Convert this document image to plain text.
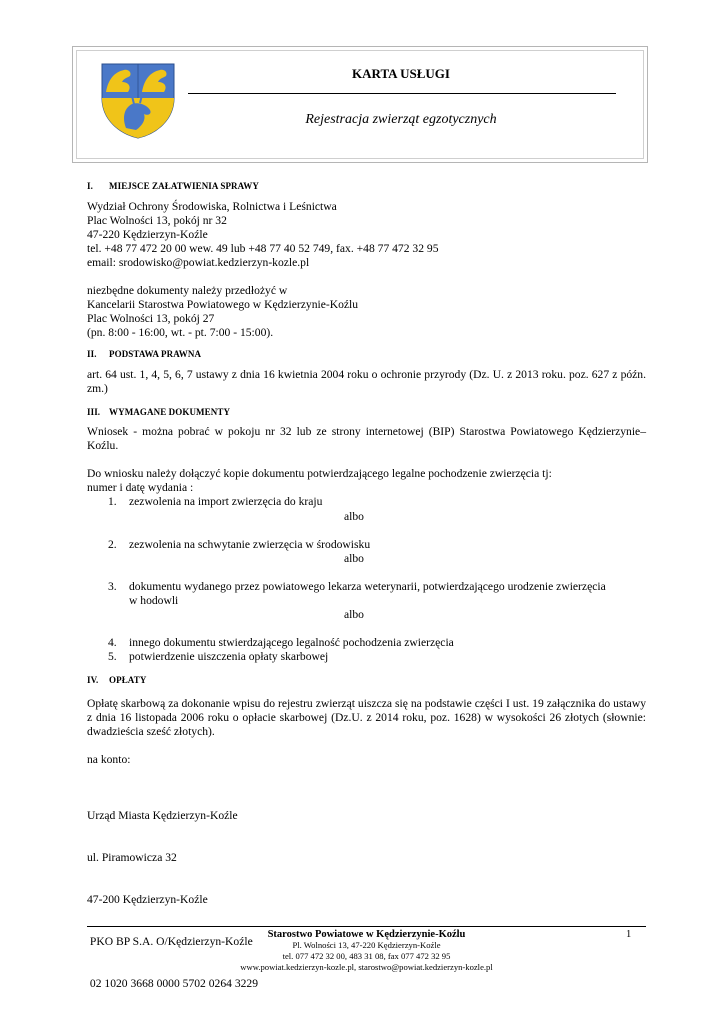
KARTA USŁUGI
Rejestracja zwierząt egzotycznych
I. MIEJSCE ZAŁATWIENIA SPRAWY
Wydział Ochrony Środowiska, Rolnictwa i Leśnictwa
Plac Wolności 13, pokój nr 32
47-220 Kędzierzyn-Koźle
tel. +48 77 472 20 00 wew. 49 lub +48 77 40 52 749, fax. +48 77 472 32 95
email: srodowisko@powiat.kedzierzyn-kozle.pl
niezbędne dokumenty należy przedłożyć w
Kancelarii Starostwa Powiatowego w Kędzierzynie-Koźlu
Plac Wolności 13, pokój 27
(pn. 8:00 - 16:00, wt. - pt. 7:00 - 15:00).
II. PODSTAWA PRAWNA
art. 64 ust. 1, 4, 5, 6, 7 ustawy z dnia 16 kwietnia 2004 roku o ochronie przyrody (Dz. U. z 2013 roku. poz. 627 z późn. zm.)
III. WYMAGANE DOKUMENTY
Wniosek - można pobrać w pokoju nr 32 lub ze strony internetowej (BIP) Starostwa Powiatowego Kędzierzynie– Koźlu.
Do wniosku należy dołączyć kopie dokumentu potwierdzającego legalne pochodzenie zwierzęcia tj:
numer i datę wydania :
1. zezwolenia na import zwierzęcia do kraju
albo
2. zezwolenia na schwytanie zwierzęcia w środowisku
albo
3. dokumentu wydanego przez powiatowego lekarza weterynarii, potwierdzającego urodzenie zwierzęcia
w hodowli
albo
4. innego dokumentu stwierdzającego legalność pochodzenia zwierzęcia
5. potwierdzenie uiszczenia opłaty skarbowej
IV. OPŁATY
Opłatę skarbową za dokonanie wpisu do rejestru zwierząt uiszcza się na podstawie części I ust. 19 załącznika do ustawy z dnia 16 listopada 2006 roku o opłacie skarbowej (Dz.U. z 2014 roku, poz. 1628) w wysokości 26 złotych (słownie: dwadzieścia sześć złotych).
na konto:

Urząd Miasta Kędzierzyn-Koźle

ul. Piramowicza 32

47-200 Kędzierzyn-Koźle

PKO BP S.A. O/Kędzierzyn-Koźle

02 1020 3668 0000 5702 0264 3229

Starostwo Powiatowe w Kędzierzynie-Koźlu
Pl. Wolności 13, 47-220 Kędzierzyn-Koźle
tel. 077 472 32 00, 483 31 08, fax 077 472 32 95
www.powiat.kedzierzyn-kozle.pl, starostwo@powiat.kedzierzyn-kozle.pl
1
